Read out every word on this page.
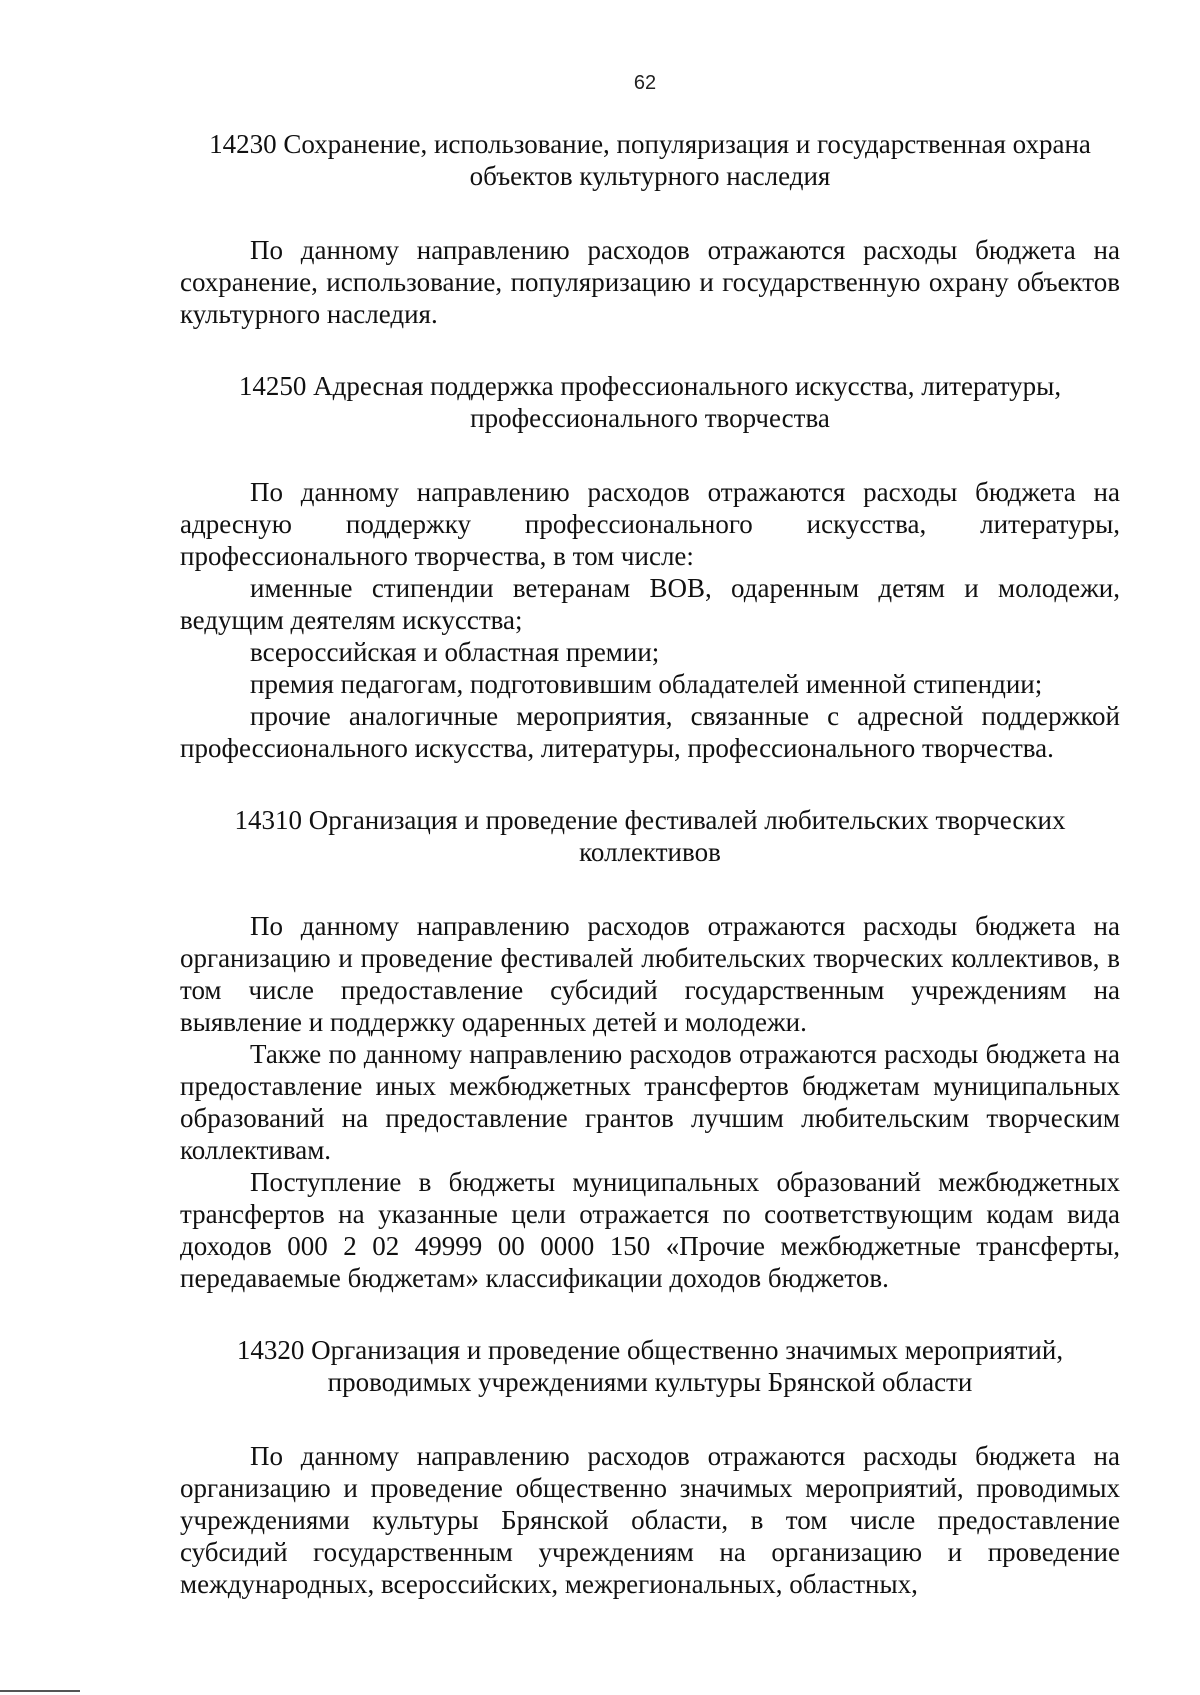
62
14230 Сохранение, использование, популяризация и государственная охрана объектов культурного наследия

По данному направлению расходов отражаются расходы бюджета на сохранение, использование, популяризацию и государственную охрану объектов культурного наследия.

14250 Адресная поддержка профессионального искусства, литературы, профессионального творчества

По данному направлению расходов отражаются расходы бюджета на адресную поддержку профессионального искусства, литературы, профессионального творчества, в том числе:

именные стипендии ветеранам ВОВ, одаренным детям и молодежи, ведущим деятелям искусства;

всероссийская и областная премии;

премия педагогам, подготовившим обладателей именной стипендии;

прочие аналогичные мероприятия, связанные с адресной поддержкой профессионального искусства, литературы, профессионального творчества.

14310 Организация и проведение фестивалей любительских творческих коллективов

По данному направлению расходов отражаются расходы бюджета на организацию и проведение фестивалей любительских творческих коллективов, в том числе предоставление субсидий государственным учреждениям на выявление и поддержку одаренных детей и молодежи.

Также по данному направлению расходов отражаются расходы бюджета на предоставление иных межбюджетных трансфертов бюджетам муниципальных образований на предоставление грантов лучшим любительским творческим коллективам.

Поступление в бюджеты муниципальных образований межбюджетных трансфертов на указанные цели отражается по соответствующим кодам вида доходов 000 2 02 49999 00 0000 150 «Прочие межбюджетные трансферты, передаваемые бюджетам» классификации доходов бюджетов.

14320 Организация и проведение общественно значимых мероприятий, проводимых учреждениями культуры Брянской области

По данному направлению расходов отражаются расходы бюджета на организацию и проведение общественно значимых мероприятий, проводимых учреждениями культуры Брянской области, в том числе предоставление субсидий государственным учреждениям на организацию и проведение международных, всероссийских, межрегиональных, областных,
